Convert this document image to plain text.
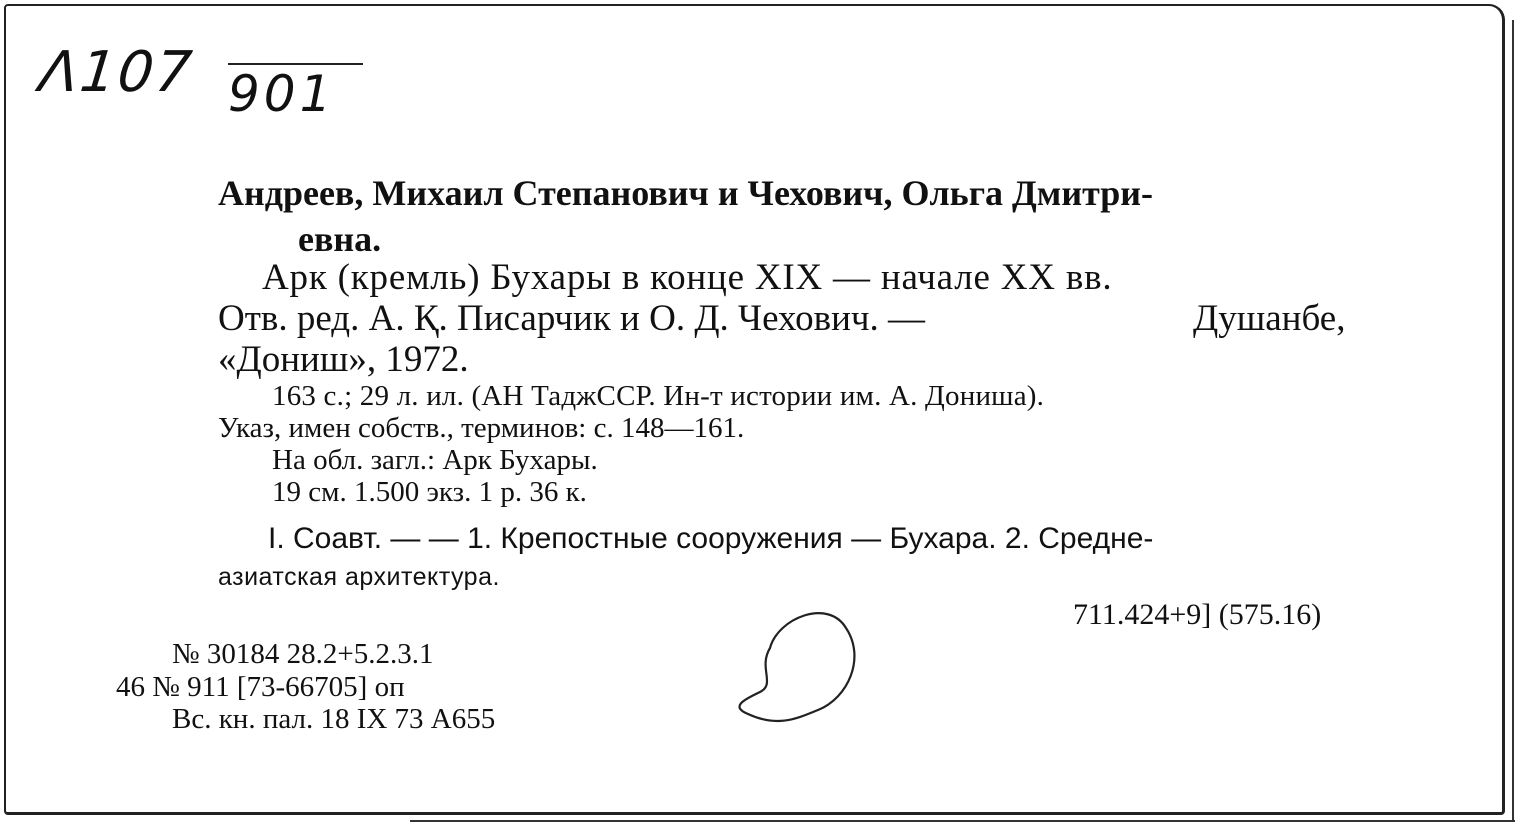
Λ107 901
Андреев, Михаил Степанович и Чехович, Ольга Дмитри-
евна.
Арк (кремль) Бухары в конце XIX — начале XX вв.
Отв. ред. А. Қ. Писарчик и О. Д. Чехович. —	Душанбе,
«Дониш», 1972.
163 с.; 29 л. ил. (АН ТаджССР. Ин-т истории им. А. Дониша).
Указ, имен собств., терминов: с. 148—161.
На обл. загл.: Арк Бухары.
19 см. 1.500 экз. 1 р. 36 к.
I. Соавт. — — 1. Крепостные сооружения — Бухара. 2. Средне-
азиатская архитектура.
711.424+9] (575.16)
№ 30184 28.2+5.2.3.1
46 № 911 [73-66705] оп
Вс. кн. пал. 18 IX 73 А655
